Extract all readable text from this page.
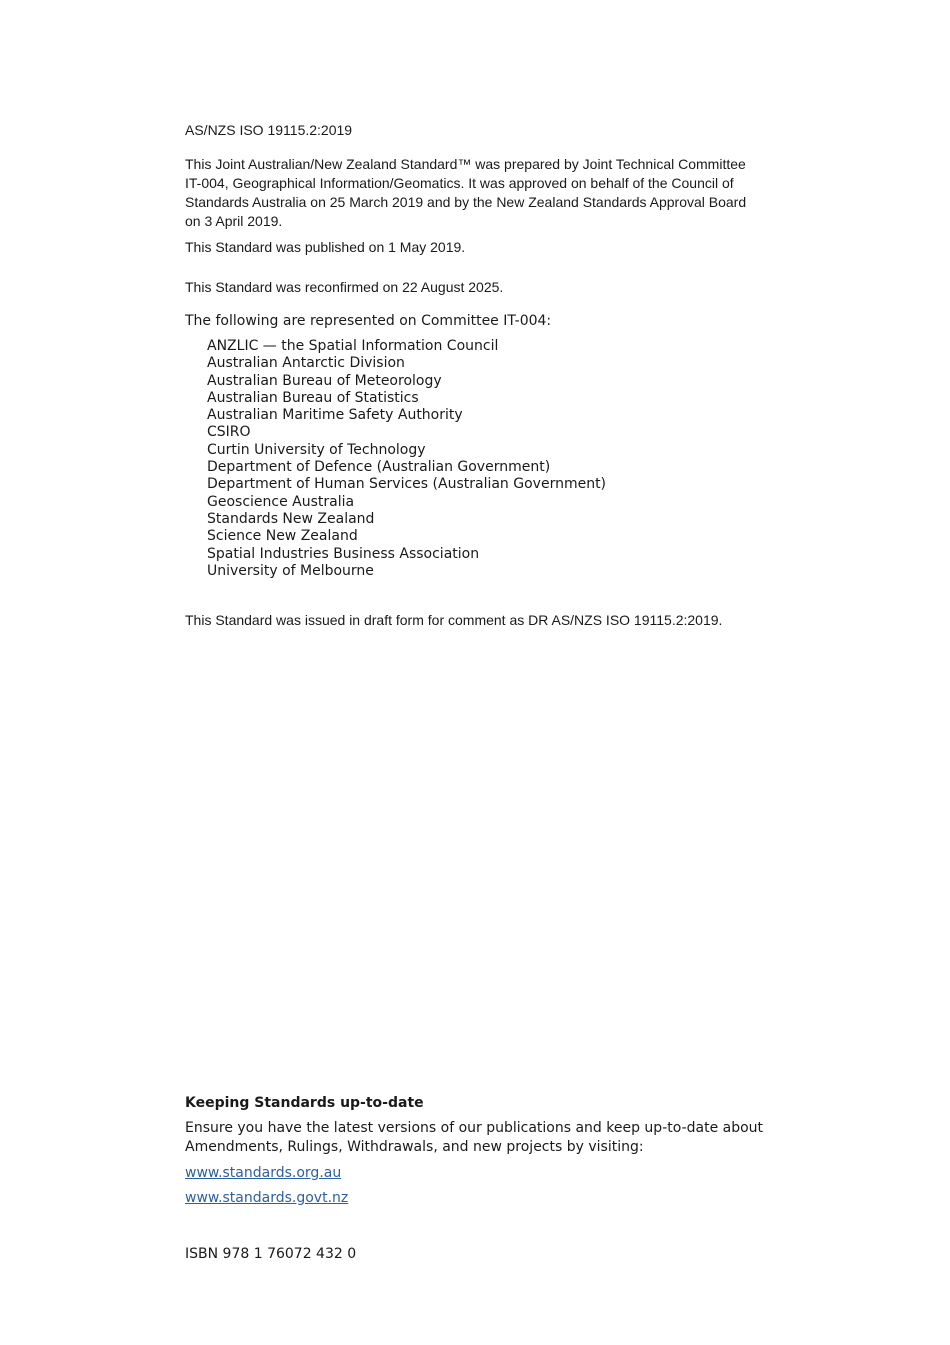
AS/NZS ISO 19115.2:2019

This Joint Australian/New Zealand Standard™ was prepared by Joint Technical Committee IT-004, Geographical Information/Geomatics. It was approved on behalf of the Council of Standards Australia on 25 March 2019 and by the New Zealand Standards Approval Board on 3 April 2019.

This Standard was published on 1 May 2019.

This Standard was reconfirmed on 22 August 2025.

The following are represented on Committee IT-004:

ANZLIC — the Spatial Information Council
Australian Antarctic Division
Australian Bureau of Meteorology
Australian Bureau of Statistics
Australian Maritime Safety Authority
CSIRO
Curtin University of Technology
Department of Defence (Australian Government)
Department of Human Services (Australian Government)
Geoscience Australia
Standards New Zealand
Science New Zealand
Spatial Industries Business Association
University of Melbourne

This Standard was issued in draft form for comment as DR AS/NZS ISO 19115.2:2019.

Keeping Standards up-to-date

Ensure you have the latest versions of our publications and keep up-to-date about Amendments, Rulings, Withdrawals, and new projects by visiting:

www.standards.org.au
www.standards.govt.nz

ISBN 978 1 76072 432 0
